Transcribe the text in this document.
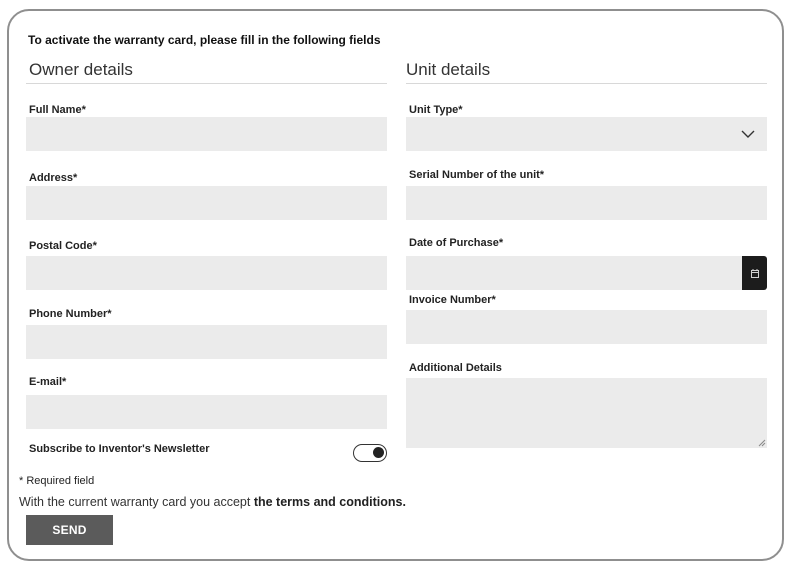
To activate the warranty card, please fill in the following fields
Owner details
Full Name*
Address*
Postal Code*
Phone Number*
E-mail*
Subscribe to Inventor's Newsletter
Unit details
Unit Type*
Serial Number of the unit*
Date of Purchase*
Invoice Number*
Additional Details
* Required field
With the current warranty card you accept the terms and conditions.
SEND
